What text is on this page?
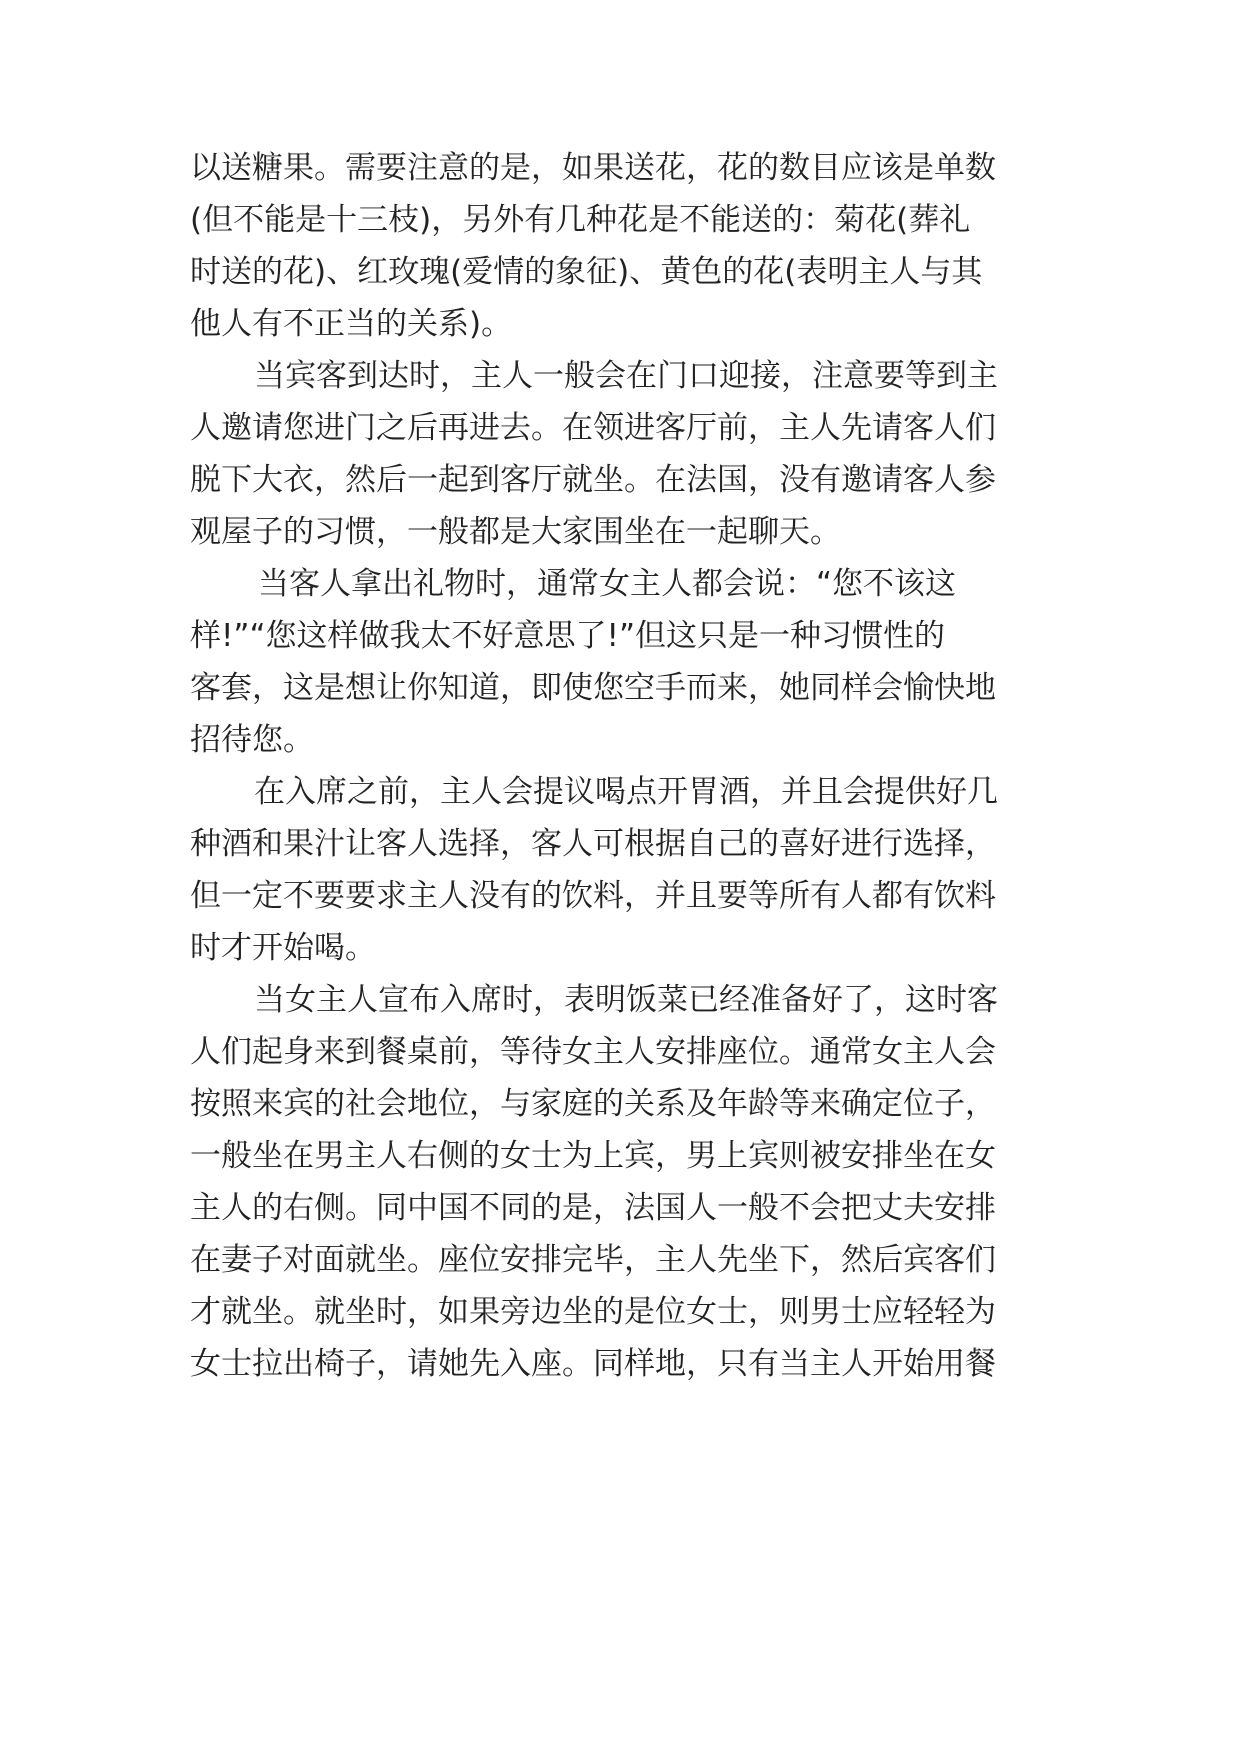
以送糖果。需要注意的是，如果送花，花的数目应该是单数

(但不能是十三枝)，另外有几种花是不能送的：菊花(葬礼

时送的花)、红玫瑰(爱情的象征)、黄色的花(表明主人与其

他人有不正当的关系)。

当宾客到达时，主人一般会在门口迎接，注意要等到主

人邀请您进门之后再进去。在领进客厅前，主人先请客人们

脱下大衣，然后一起到客厅就坐。在法国，没有邀请客人参

观屋子的习惯，一般都是大家围坐在一起聊天。

当客人拿出礼物时，通常女主人都会说：“您不该这

样!”“您这样做我太不好意思了!”但这只是一种习惯性的

客套，这是想让你知道，即使您空手而来，她同样会愉快地

招待您。

在入席之前，主人会提议喝点开胃酒，并且会提供好几

种酒和果汁让客人选择，客人可根据自己的喜好进行选择，

但一定不要要求主人没有的饮料，并且要等所有人都有饮料

时才开始喝。

当女主人宣布入席时，表明饭菜已经准备好了，这时客

人们起身来到餐桌前，等待女主人安排座位。通常女主人会

按照来宾的社会地位，与家庭的关系及年龄等来确定位子，

一般坐在男主人右侧的女士为上宾，男上宾则被安排坐在女

主人的右侧。同中国不同的是，法国人一般不会把丈夫安排

在妻子对面就坐。座位安排完毕，主人先坐下，然后宾客们

才就坐。就坐时，如果旁边坐的是位女士，则男士应轻轻为

女士拉出椅子，请她先入座。同样地，只有当主人开始用餐
